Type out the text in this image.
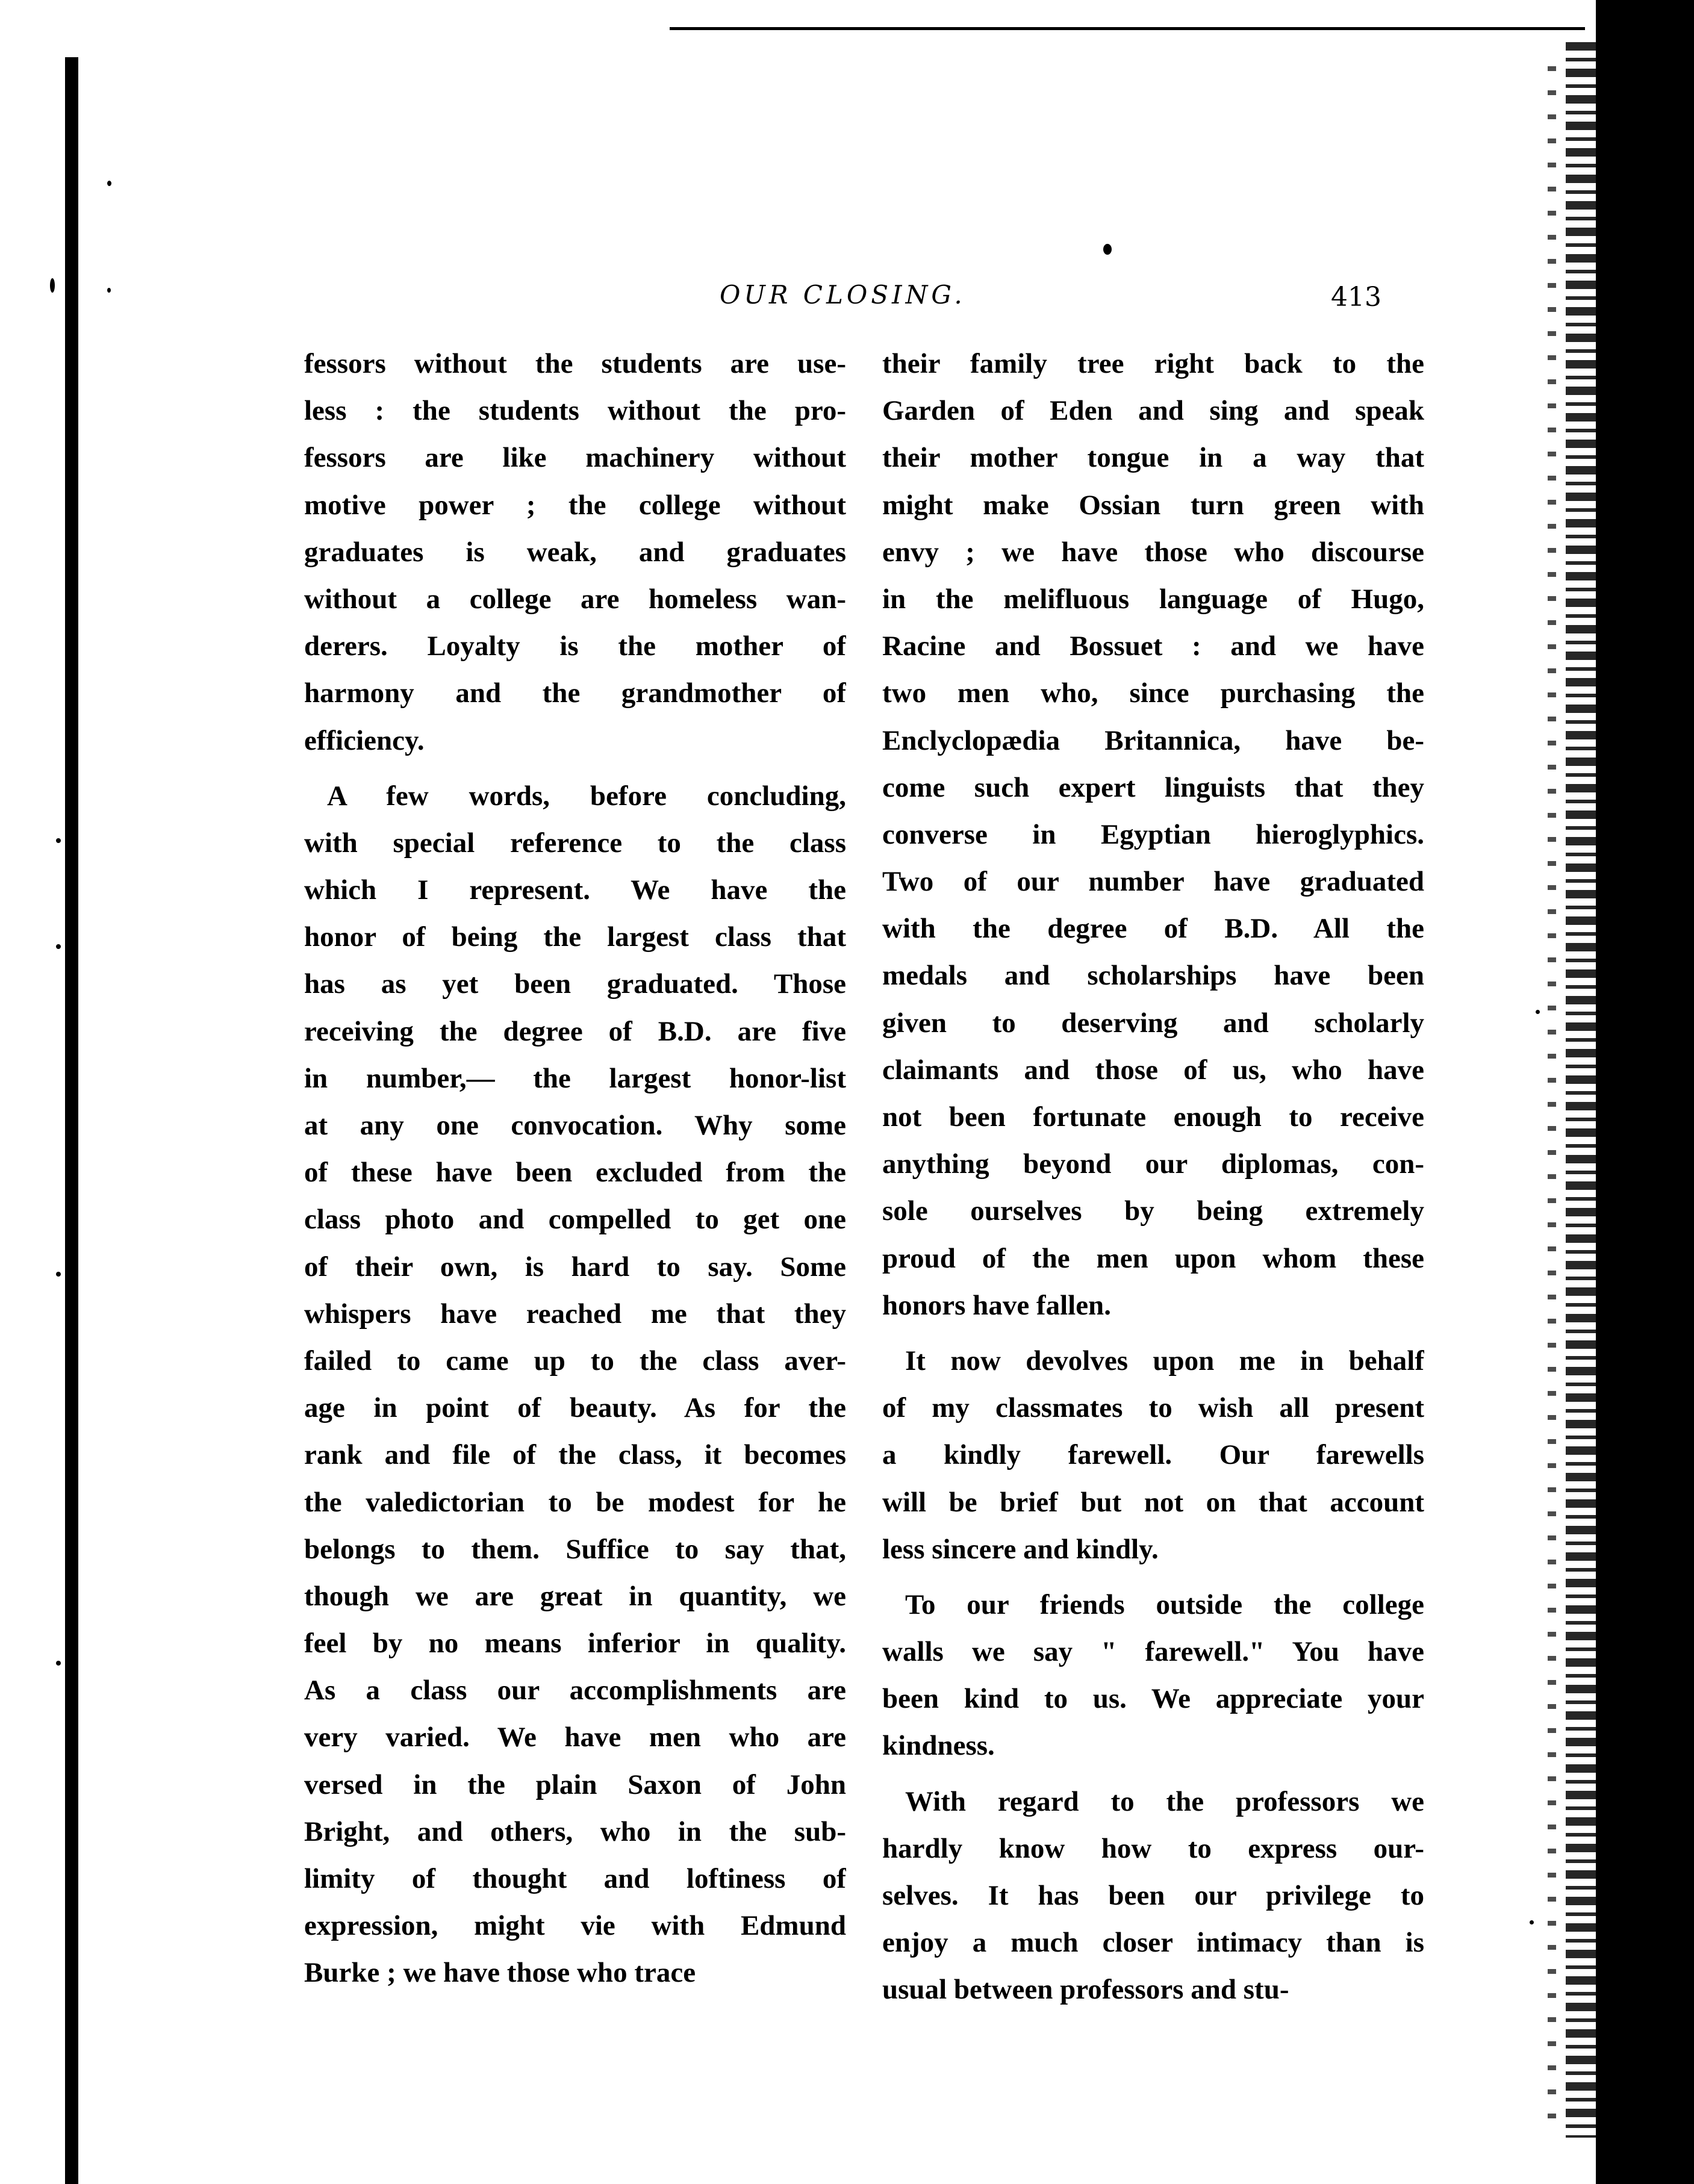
OUR CLOSING.	413
fessors without the students are use-
less : the students without the pro-
fessors are like machinery without
motive power ; the college without
graduates is weak, and graduates
without a college are homeless wan-
derers. Loyalty is the mother of
harmony and the grandmother of
efficiency.
A few words, before concluding,
with special reference to the class
which I represent. We have the
honor of being the largest class that
has as yet been graduated. Those
receiving the degree of B.D. are five
in number,— the largest honor-list
at any one convocation. Why some
of these have been excluded from the
class photo and compelled to get one
of their own, is hard to say. Some
whispers have reached me that they
failed to came up to the class aver-
age in point of beauty. As for the
rank and file of the class, it becomes
the valedictorian to be modest for he
belongs to them. Suffice to say that,
though we are great in quantity, we
feel by no means inferior in quality.
As a class our accomplishments are
very varied. We have men who are
versed in the plain Saxon of John
Bright, and others, who in the sub-
limity of thought and loftiness of
expression, might vie with Edmund
Burke ; we have those who trace
their family tree right back to the
Garden of Eden and sing and speak
their mother tongue in a way that
might make Ossian turn green with
envy ; we have those who discourse
in the melifluous language of Hugo,
Racine and Bossuet : and we have
two men who, since purchasing the
Enclyclopædia Britannica, have be-
come such expert linguists that they
converse in Egyptian hieroglyphics.
Two of our number have graduated
with the degree of B.D. All the
medals and scholarships have been
given to deserving and scholarly
claimants and those of us, who have
not been fortunate enough to receive
anything beyond our diplomas, con-
sole ourselves by being extremely
proud of the men upon whom these
honors have fallen.
It now devolves upon me in behalf
of my classmates to wish all present
a kindly farewell. Our farewells
will be brief but not on that account
less sincere and kindly.
To our friends outside the college
walls we say " farewell." You have
been kind to us. We appreciate your
kindness.
With regard to the professors we
hardly know how to express our-
selves. It has been our privilege to
enjoy a much closer intimacy than is
usual between professors and stu-
